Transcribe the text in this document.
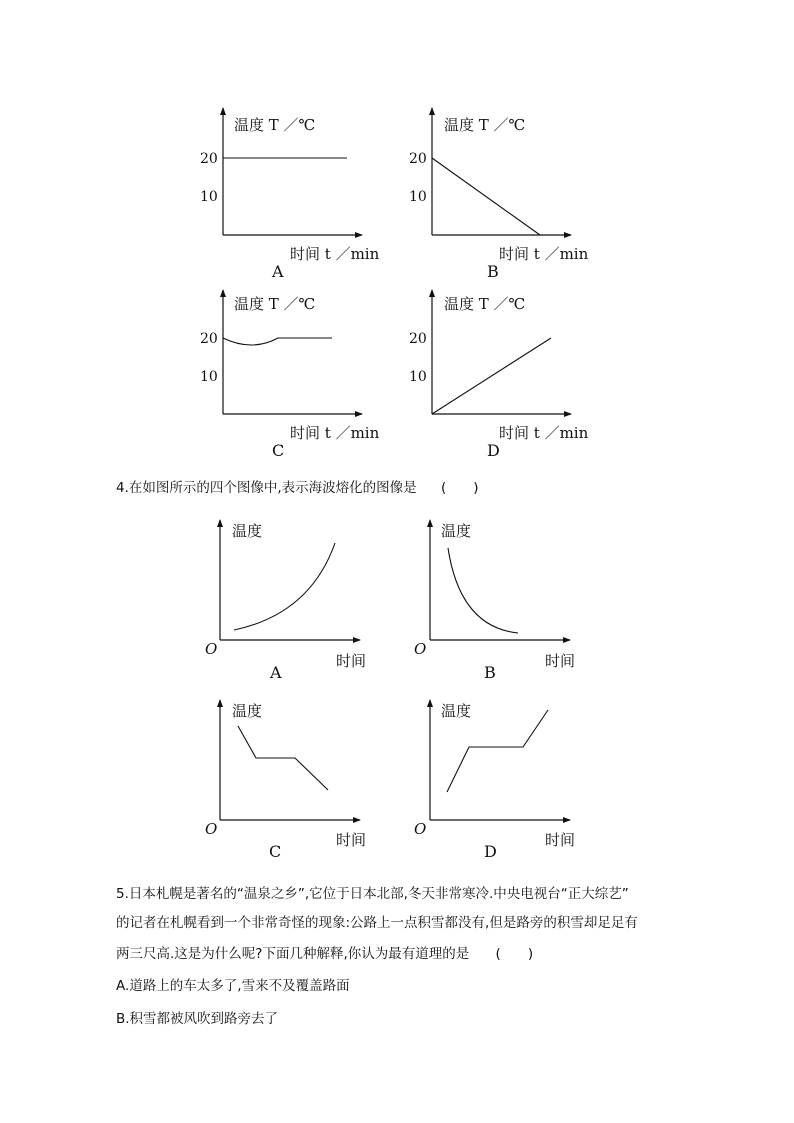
温度 T ／℃
20
10
时间 t ／min
A
温度 T ／℃
20
10
时间 t ／min
B
温度 T ／℃
20
10
时间 t ／min
C
温度 T ／℃
20
10
时间 t ／min
D
温度
O
时间
A
温度
O
时间
B
温度
O
时间
C
温度
O
时间
D
4.在如图所示的四个图像中,表示海波熔化的图像是 (　　)
5.日本札幌是著名的“温泉之乡”,它位于日本北部,冬天非常寒冷.中央电视台“正大综艺”
的记者在札幌看到一个非常奇怪的现象:公路上一点积雪都没有,但是路旁的积雪却足足有
两三尺高.这是为什么呢?下面几种解释,你认为最有道理的是 (　　)
A.道路上的车太多了,雪来不及覆盖路面
B.积雪都被风吹到路旁去了
